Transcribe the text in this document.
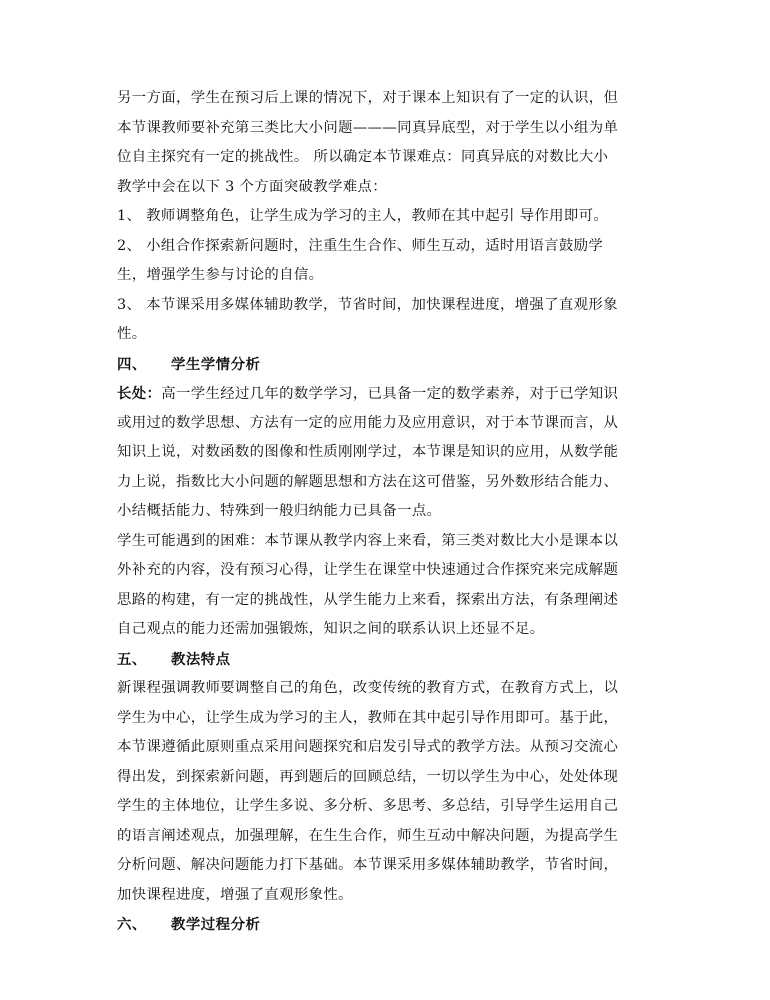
另一方面，学生在预习后上课的情况下，对于课本上知识有了一定的认识，但
本节课教师要补充第三类比大小问题———同真异底型，对于学生以小组为单
位自主探究有一定的挑战性。 所以确定本节课难点：同真异底的对数比大小
教学中会在以下 3 个方面突破教学难点：
1、 教师调整角色，让学生成为学习的主人，教师在其中起引 导作用即可。
2、 小组合作探索新问题时，注重生生合作、师生互动，适时用语言鼓励学
生，增强学生参与讨论的自信。
3、 本节课采用多媒体辅助教学，节省时间，加快课程进度，增强了直观形象
性。
四、 学生学情分析
长处：高一学生经过几年的数学学习，已具备一定的数学素养，对于已学知识
或用过的数学思想、方法有一定的应用能力及应用意识，对于本节课而言，从
知识上说，对数函数的图像和性质刚刚学过，本节课是知识的应用，从数学能
力上说，指数比大小问题的解题思想和方法在这可借鉴，另外数形结合能力、
小结概括能力、特殊到一般归纳能力已具备一点。
学生可能遇到的困难：本节课从教学内容上来看，第三类对数比大小是课本以
外补充的内容，没有预习心得，让学生在课堂中快速通过合作探究来完成解题
思路的构建，有一定的挑战性，从学生能力上来看，探索出方法，有条理阐述
自己观点的能力还需加强锻炼，知识之间的联系认识上还显不足。
五、 教法特点
新课程强调教师要调整自己的角色，改变传统的教育方式，在教育方式上，以
学生为中心，让学生成为学习的主人，教师在其中起引导作用即可。基于此，
本节课遵循此原则重点采用问题探究和启发引导式的教学方法。从预习交流心
得出发，到探索新问题，再到题后的回顾总结，一切以学生为中心，处处体现
学生的主体地位，让学生多说、多分析、多思考、多总结，引导学生运用自己
的语言阐述观点，加强理解，在生生合作，师生互动中解决问题，为提高学生
分析问题、解决问题能力打下基础。本节课采用多媒体辅助教学，节省时间，
加快课程进度，增强了直观形象性。
六、 教学过程分析
